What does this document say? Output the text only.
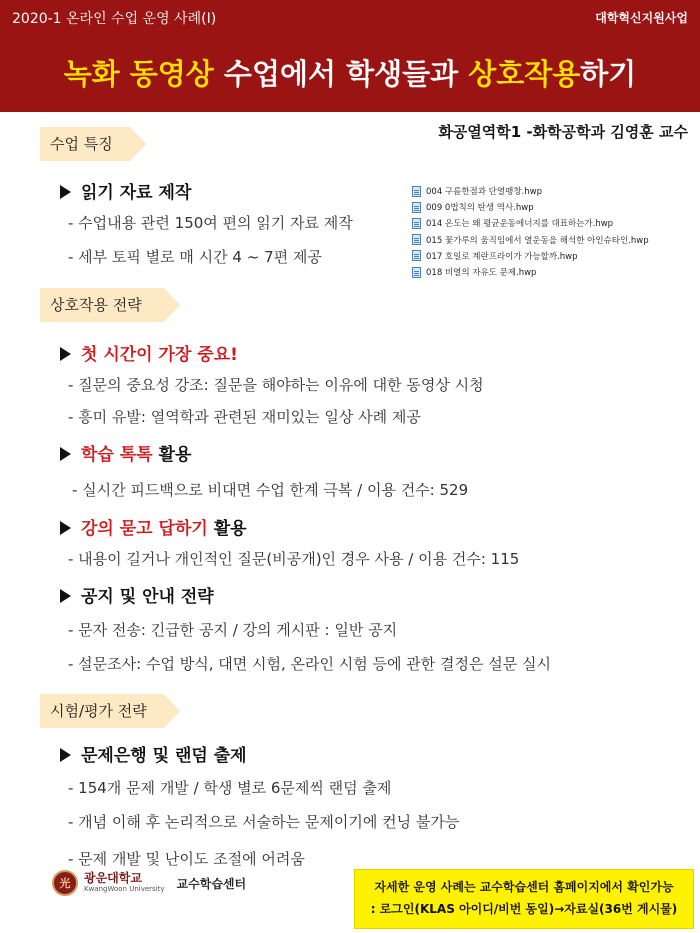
2020-1 온라인 수업 운영 사례(I)	대학혁신지원사업
녹화 동영상 수업에서 학생들과 상호작용하기
화공열역학1 -화학공학과 김영훈 교수
수업 특징
읽기 자료 제작
- 수업내용 관련 150여 편의 읽기 자료 제작
- 세부 토픽 별로 매 시간 4 ~ 7편 제공
004 구름한점과 단열팽창.hwp
009 0법칙의 탄생 역사.hwp
014 온도는 왜 평균운동에너지를 대표하는가.hwp
015 꽃가루의 움직임에서 열운동을 해석한 아인슈타인.hwp
017 호일로 계란프라이가 가능할까.hwp
018 비열의 자유도 문제.hwp
상호작용 전략
첫 시간이 가장 중요!
- 질문의 중요성 강조: 질문을 해야하는 이유에 대한 동영상 시청
- 흥미 유발: 열역학과 관련된 재미있는 일상 사례 제공
학습 톡톡 활용
- 실시간 피드백으로 비대면 수업 한계 극복 / 이용 건수: 529
강의 묻고 답하기 활용
- 내용이 길거나 개인적인 질문(비공개)인 경우 사용 / 이용 건수: 115
공지 및 안내 전략
- 문자 전송: 긴급한 공지 / 강의 게시판 : 일반 공지
- 설문조사: 수업 방식, 대면 시험, 온라인 시험 등에 관한 결정은 설문 실시
시험/평가 전략
문제은행 및 랜덤 출제
- 154개 문제 개발 / 학생 별로 6문제씩 랜덤 출제
- 개념 이해 후 논리적으로 서술하는 문제이기에 컨닝 불가능
- 문제 개발 및 난이도 조절에 어려움
光	광운대학교
KwangWoon University 교수학습센터	자세한 운영 사례는 교수학습센터 홈페이지에서 확인가능
: 로그인(KLAS 아이디/비번 동일)→자료실(36번 게시물)
